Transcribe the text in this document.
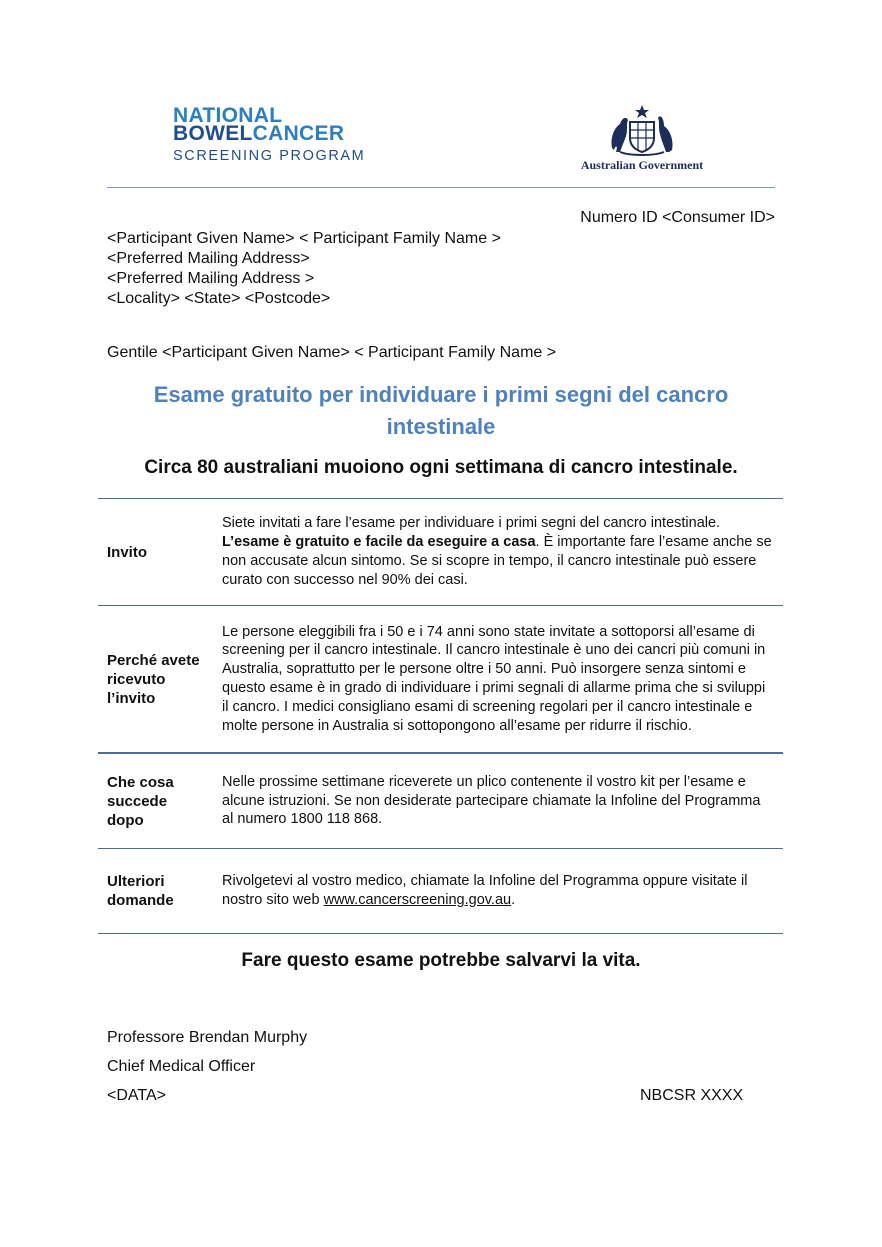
NATIONAL
BOWELCANCER
SCREENING PROGRAM
Australian Government
Numero ID <Consumer ID>
<Participant Given Name> < Participant Family Name >
<Preferred Mailing Address>
<Preferred Mailing Address >
<Locality> <State> <Postcode>
Gentile <Participant Given Name> < Participant Family Name >
Esame gratuito per individuare i primi segni del cancro
intestinale
Circa 80 australiani muoiono ogni settimana di cancro intestinale.
Invito
Siete invitati a fare l’esame per individuare i primi segni del cancro intestinale. L’esame è gratuito e facile da eseguire a casa. È importante fare l’esame anche se non accusate alcun sintomo. Se si scopre in tempo, il cancro intestinale può essere curato con successo nel 90% dei casi.
Perché avete
ricevuto
l’invito
Le persone eleggibili fra i 50 e i 74 anni sono state invitate a sottoporsi all’esame di screening per il cancro intestinale. Il cancro intestinale è uno dei cancri più comuni in Australia, soprattutto per le persone oltre i 50 anni. Può insorgere senza sintomi e questo esame è in grado di individuare i primi segnali di allarme prima che si sviluppi il cancro. I medici consigliano esami di screening regolari per il cancro intestinale e molte persone in Australia si sottopongono all’esame per ridurre il rischio.
Che cosa
succede
dopo
Nelle prossime settimane riceverete un plico contenente il vostro kit per l’esame e alcune istruzioni. Se non desiderate partecipare chiamate la Infoline del Programma al numero 1800 118 868.
Ulteriori
domande
Rivolgetevi al vostro medico, chiamate la Infoline del Programma oppure visitate il nostro sito web www.cancerscreening.gov.au.
Fare questo esame potrebbe salvarvi la vita.
Professore Brendan Murphy
Chief Medical Officer
<DATA>	NBCSR XXXX
